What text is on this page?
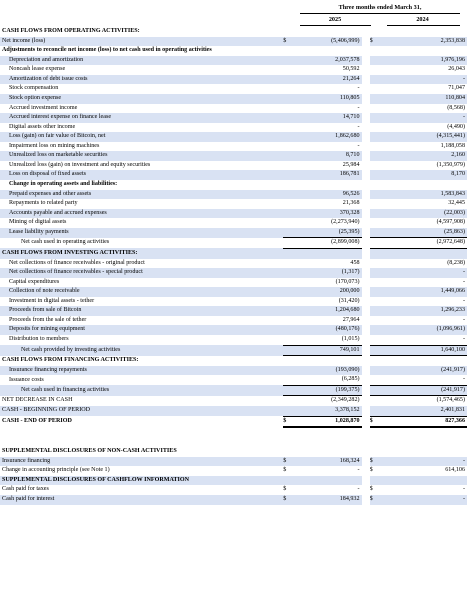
Three months ended March 31,
2025	2024
CASH FLOWS FROM OPERATING ACTIVITIES:					
Net income (loss)	$	(5,406,999)		$	2,353,838
Adjustments to reconcile net income (loss) to net cash used in operating activities					
Depreciation and amortization		2,037,578			1,976,196
Noncash lease expense		50,592			26,043
Amortization of debt issue costs		21,264			-
Stock compensation		-			71,047
Stock option expense		110,805			110,804
Accrued investment income		-			(8,568)
Accrued interest expense on finance lease		14,710			-
Digital assets other income		-			(4,490)
Loss (gain) on fair value of Bitcoin, net		1,862,680			(4,315,441)
Impairment loss on mining machines		-			1,188,058
Unrealized loss on marketable securities		8,710			2,160
Unrealized loss (gain) on investment and equity securities		25,984			(1,350,979)
Loss on disposal of fixed assets		186,781			8,170
Change in operating assets and liabilities:					
Prepaid expenses and other assets		96,526			1,583,843
Repayments to related party		21,368			32,445
Accounts payable and accrued expenses		370,328			(22,003)
Mining of digital assets		(2,273,940)			(4,597,908)
Lease liability payments		(25,395)			(25,863)
Net cash used in operating activities		(2,899,008)			(2,972,648)
CASH FLOWS FROM INVESTING ACTIVITIES:					
Net collections of finance receivables - original product		458			(8,238)
Net collections of finance receivables - special product		(1,317)			-
Capital expenditures		(170,073)			-
Collection of note receivable		200,000			1,449,066
Investment in digital assets - tether		(31,420)			-
Proceeds from sale of Bitcoin		1,204,680			1,296,233
Proceeds from the sale of tether		27,964			-
Deposits for mining equipment		(480,176)			(1,096,961)
Distribution to members		(1,015)			-
Net cash provided by investing activities		749,101			1,640,100
CASH FLOWS FROM FINANCING ACTIVITIES:					
Insurance financing repayments		(193,090)			(241,917)
Issuance costs		(6,285)			-
Net cash used in financing activities		(199,375)			(241,917)
NET DECREASE IN CASH		(2,349,282)			(1,574,465)
CASH - BEGINNING OF PERIOD		3,378,152			2,401,831
CASH - END OF PERIOD	$	1,028,870		$	827,366

SUPPLEMENTAL DISCLOSURES OF NON-CASH ACTIVITIES					
Insurance financing	$	168,324		$	-
Change in accounting principle (see Note 1)	$	-		$	614,106
SUPPLEMENTAL DISCLOSURES OF CASHFLOW INFORMATION					
Cash paid for taxes	$	-		$	-
Cash paid for interest	$	184,932		$	-
